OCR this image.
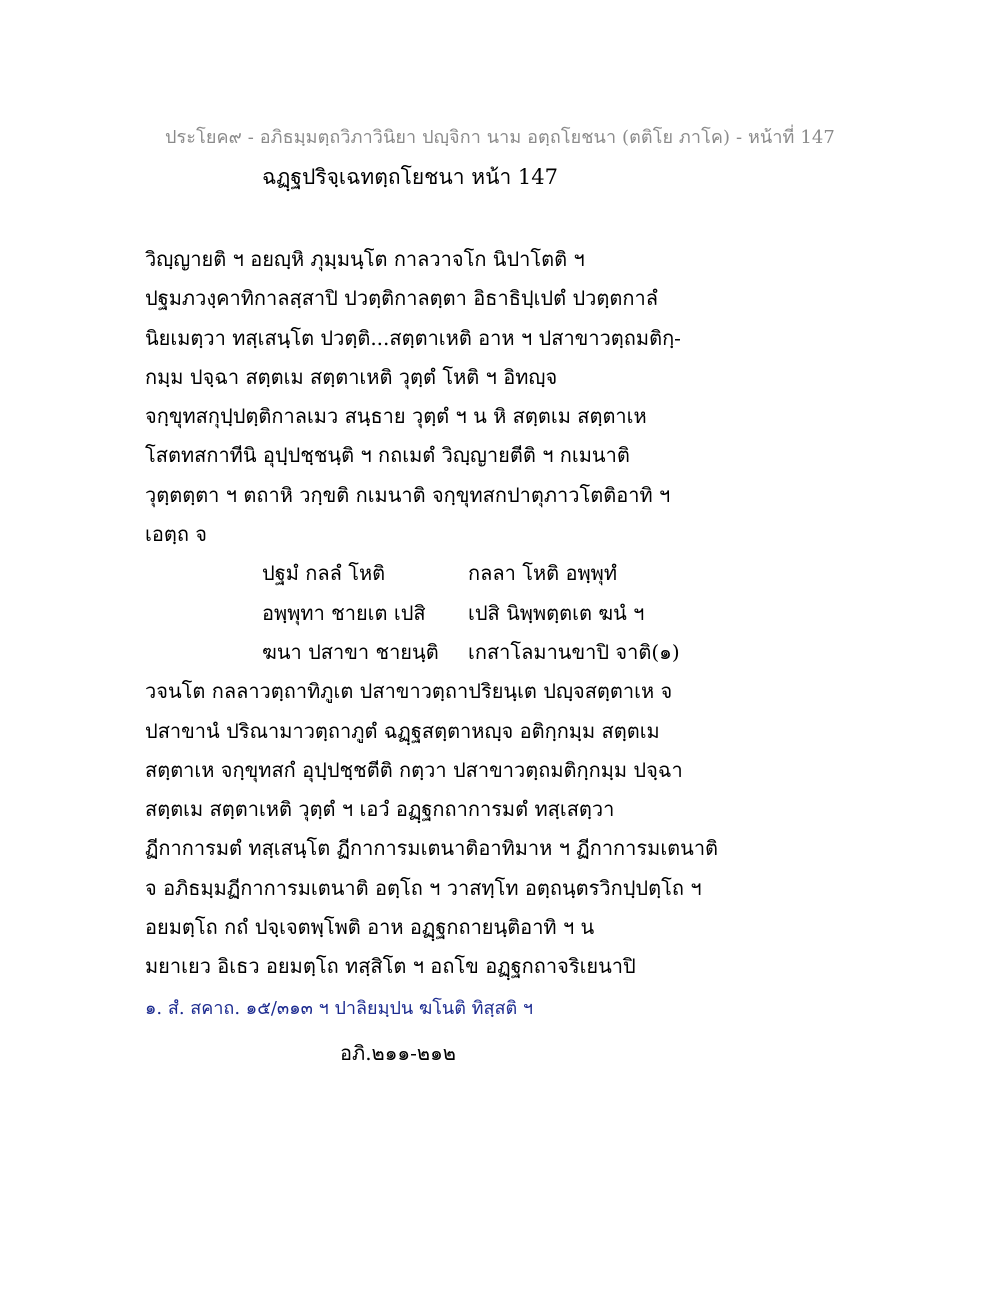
ประโยค๙ - อภิธมฺมตฺถวิภาวินิยา ปญฺจิกา นาม อตฺถโยชนา (ตติโย ภาโค) - หน้าที่ 147
ฉฏฺฐปริจฺเฉทตฺถโยชนา หน้า 147
วิญฺญายติ ฯ อยญฺหิ ภุมฺมนฺโต กาลวาจโก นิปาโตติ ฯ
ปฐมภวงฺคาทิกาลสฺสาปิ ปวตฺติกาลตฺตา อิธาธิปฺเปตํ ปวตฺตกาลํ
นิยเมตฺวา ทสฺเสนฺโต ปวตฺติ...สตฺตาเหติ อาห ฯ ปสาขาวตฺถมติกฺ-
กมฺม ปจฺฉา สตฺตเม สตฺตาเหติ วุตฺตํ โหติ ฯ อิทญฺจ
จกฺขุทสกุปฺปตฺติกาลเมว สนฺธาย วุตฺตํ ฯ น หิ สตฺตเม สตฺตาเห
โสตทสกาทีนิ อุปฺปชฺชนฺติ ฯ กถเมตํ วิญฺญายตีติ ฯ กเมนาติ
วุตฺตตฺตา ฯ ตถาหิ วกฺขติ กเมนาติ จกฺขุทสกปาตุภาวโตติอาทิ ฯ
เอตฺถ จ
ปฐมํ กลลํ โหติ	กลลา โหติ อพฺพุทํ
อพฺพุทา ชายเต เปสิ เปสิ นิพฺพตฺตเต ฆนํ ฯ
ฆนา ปสาขา ชายนฺติ เกสาโลมานขาปิ จาติ(๑)
วจนโต กลลาวตฺถาทิภูเต ปสาขาวตฺถาปริยนฺเต ปญฺจสตฺตาเห จ
ปสาขานํ ปริณามาวตฺถาภูตํ ฉฏฺฐสตฺตาหญฺจ อติกฺกมฺม สตฺตเม
สตฺตาเห จกฺขุทสกํ อุปฺปชฺชตีติ กตฺวา ปสาขาวตฺถมติกฺกมฺม ปจฺฉา
สตฺตเม สตฺตาเหติ วุตฺตํ ฯ เอวํ อฏฺฐกถาการมตํ ทสฺเสตฺวา
ฏีกาการมตํ ทสฺเสนฺโต ฏีกาการมเตนาติอาทิมาห ฯ ฏีกาการมเตนาติ
จ อภิธมฺมฏีกาการมเตนาติ อตฺโถ ฯ วาสทฺโท อตฺถนฺตรวิกปฺปตฺโถ ฯ
อยมตฺโถ กถํ ปจฺเจตพฺโพติ อาห อฏฺฐกถายนฺติอาทิ ฯ น
มยาเยว อิเธว อยมตฺโถ ทสฺสิโต ฯ อถโข อฏฺฐกถาจริเยนาปิ
๑. สํ. สคาถ. ๑๕/๓๑๓ ฯ ปาลิยมฺปน ฆโนติ ทิสฺสติ ฯ
อภิ.๒๑๑-๒๑๒
